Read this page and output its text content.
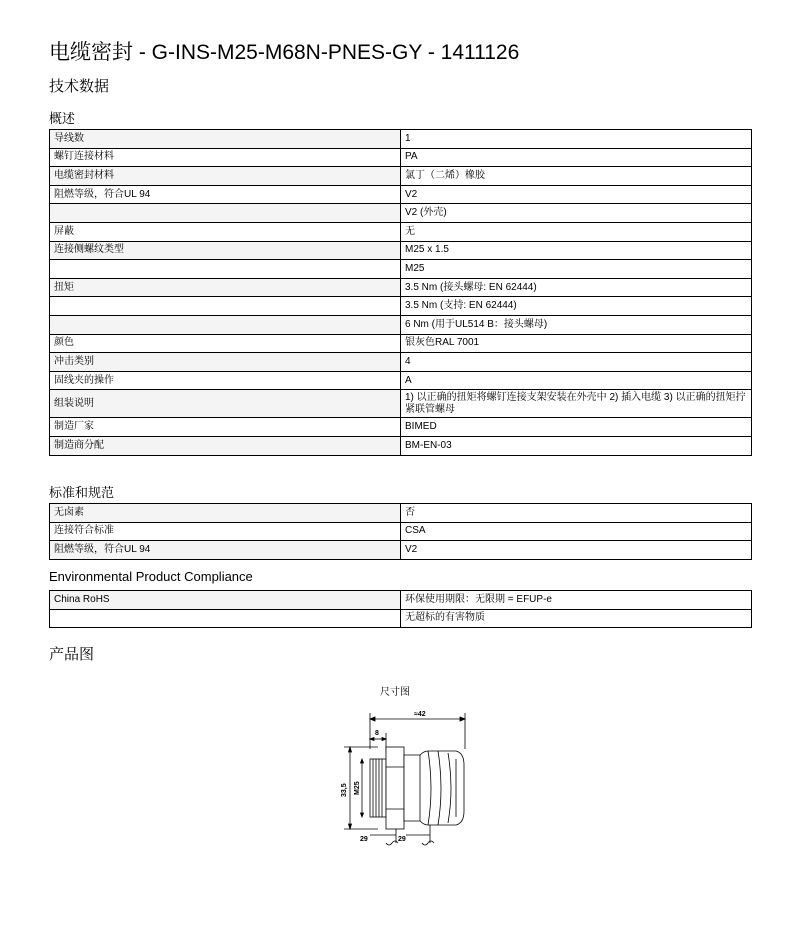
电缆密封 - G-INS-M25-M68N-PNES-GY - 1411126
技术数据
概述
导线数	1
螺钉连接材料	PA
电缆密封材料	氯丁（二烯）橡胶
阻燃等级，符合UL 94	V2
	V2 (外壳)
屏蔽	无
连接侧螺纹类型	M25 x 1.5
	M25
扭矩	3.5 Nm (接头螺母: EN 62444)
	3.5 Nm (支持: EN 62444)
	6 Nm (用于UL514 B：接头螺母)
颜色	银灰色RAL 7001
冲击类别	4
固线夹的操作	A
组装说明	1) 以正确的扭矩将螺钉连接支架安装在外壳中 2) 插入电缆 3) 以正确的扭矩拧紧联管螺母
制造厂家	BIMED
制造商分配	BM-EN-03
标准和规范
无卤素	否
连接符合标准	CSA
阻燃等级，符合UL 94	V2
Environmental Product Compliance
China RoHS	环保使用期限：无限期 = EFUP-e
	无超标的有害物质
产品图
尺寸图
≈42
8
33,5 M25
29	29
